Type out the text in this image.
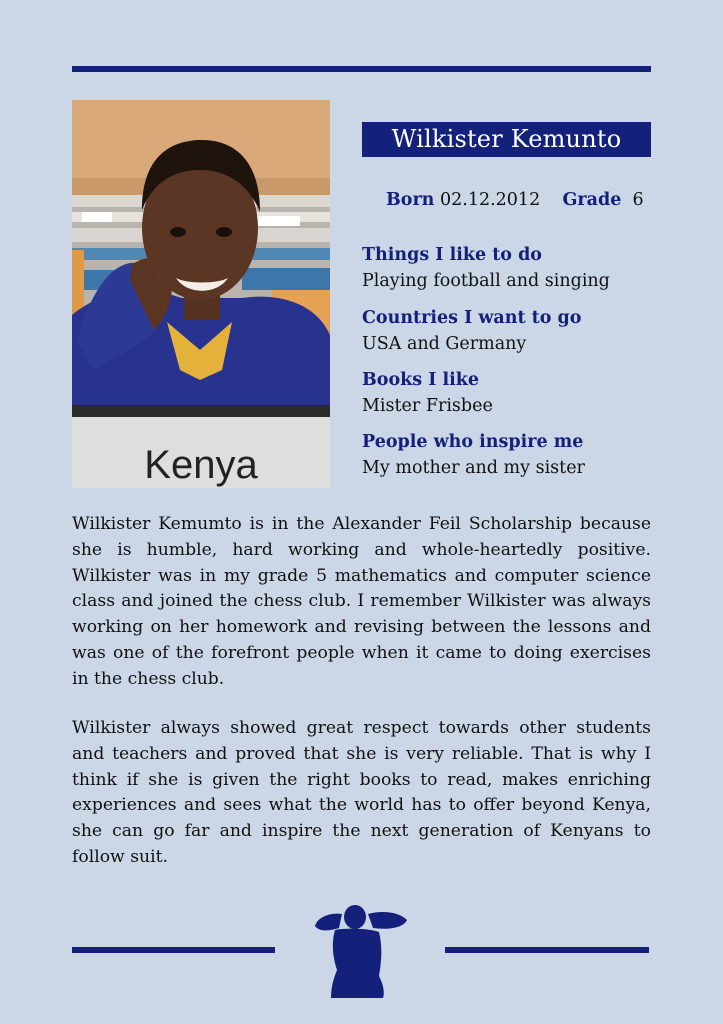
Kenya
Wilkister Kemunto
Born 02.12.2012 Grade 6
Things I like to do
Playing football and singing
Countries I want to go
USA and Germany
Books I like
Mister Frisbee
People who inspire me
My mother and my sister

Wilkister Kemumto is in the Alexander Feil Scholarship because she is humble, hard working and whole-heartedly positive. Wilkister was in my grade 5 mathematics and computer science class and joined the chess club. I remember Wilkister was always working on her homework and revising between the lessons and was one of the forefront people when it came to doing exercises in the chess club.

Wilkister always showed great respect towards other students and teachers and proved that she is very reliable. That is why I think if she is given the right books to read, makes enriching experiences and sees what the world has to offer beyond Kenya, she can go far and inspire the next generation of Kenyans to follow suit.
